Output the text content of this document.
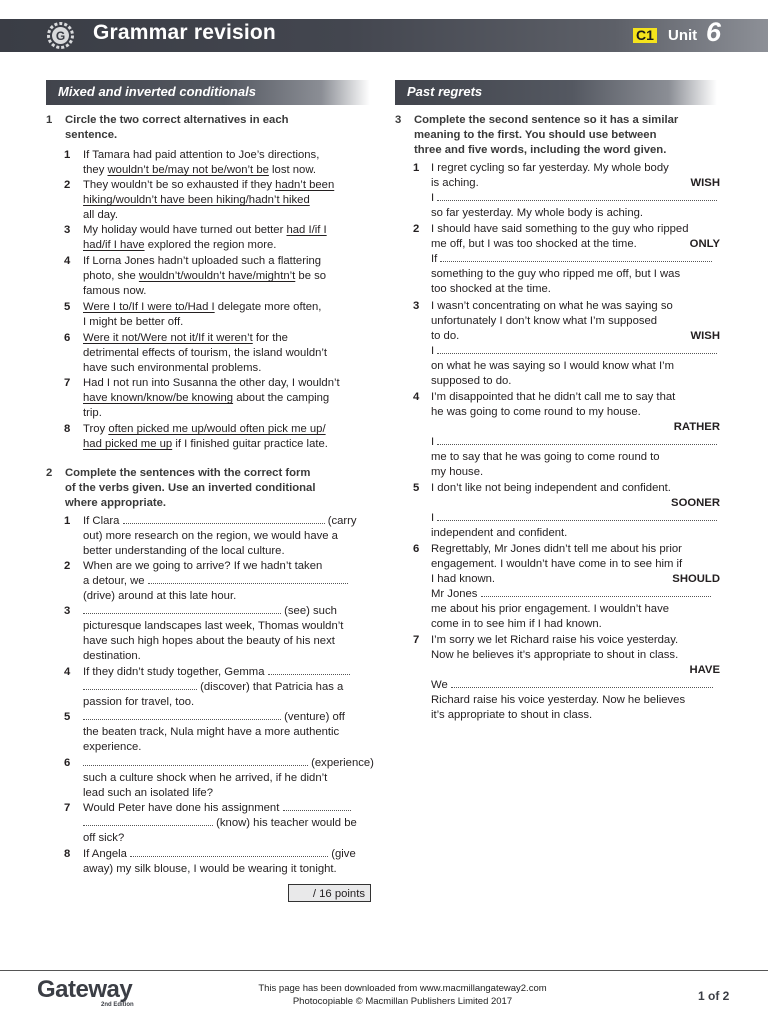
G Grammar revision	C1 Unit 6
Mixed and inverted conditionals
1 Circle the two correct alternatives in each
sentence.
1 If Tamara had paid attention to Joe’s directions,
they wouldn’t be/may not be/won’t be lost now.
2 They wouldn’t be so exhausted if they hadn’t been
hiking/wouldn’t have been hiking/hadn’t hiked
all day.
3 My holiday would have turned out better had I/if I
had/if I have explored the region more.
4 If Lorna Jones hadn’t uploaded such a flattering
photo, she wouldn’t/wouldn’t have/mightn’t be so
famous now.
5 Were I to/If I were to/Had I delegate more often,
I might be better off.
6 Were it not/Were not it/If it weren’t for the
detrimental effects of tourism, the island wouldn’t
have such environmental problems.
7 Had I not run into Susanna the other day, I wouldn’t
have known/know/be knowing about the camping
trip.
8 Troy often picked me up/would often pick me up/
had picked me up if I finished guitar practice late.
2 Complete the sentences with the correct form
of the verbs given. Use an inverted conditional
where appropriate.
1 If Clara	(carry
out) more research on the region, we would have a
better understanding of the local culture.
2 When are we going to arrive? If we hadn’t taken
a detour, we
(drive) around at this late hour.
3	(see) such
picturesque landscapes last week, Thomas wouldn’t
have such high hopes about the beauty of his next
destination.
4 If they didn’t study together, Gemma
(discover) that Patricia has a
passion for travel, too.
5	(venture) off
the beaten track, Nula might have a more authentic
experience.
6	(experience)
such a culture shock when he arrived, if he didn’t
lead such an isolated life?
7 Would Peter have done his assignment
(know) his teacher would be
off sick?
8 If Angela	(give
away) my silk blouse, I would be wearing it tonight.
/ 16 points
Past regrets
3 Complete the second sentence so it has a similar
meaning to the first. You should use between
three and five words, including the word given.
1 I regret cycling so far yesterday. My whole body
is aching.	WISH
I
so far yesterday. My whole body is aching.
2 I should have said something to the guy who ripped
me off, but I was too shocked at the time.	ONLY
If
something to the guy who ripped me off, but I was
too shocked at the time.
3 I wasn’t concentrating on what he was saying so
unfortunately I don’t know what I’m supposed
to do.	WISH
I
on what he was saying so I would know what I’m
supposed to do.
4 I’m disappointed that he didn’t call me to say that
he was going to come round to my house.
RATHER
I
me to say that he was going to come round to
my house.
5 I don’t like not being independent and confident.
SOONER
I
independent and confident.
6 Regrettably, Mr Jones didn’t tell me about his prior
engagement. I wouldn’t have come in to see him if
I had known.	SHOULD
Mr Jones
me about his prior engagement. I wouldn’t have
come in to see him if I had known.
7 I’m sorry we let Richard raise his voice yesterday.
Now he believes it’s appropriate to shout in class.
HAVE
We
Richard raise his voice yesterday. Now he believes
it’s appropriate to shout in class.
Gateway
2nd Edition
This page has been downloaded from www.macmillangateway2.com
Photocopiable © Macmillan Publishers Limited 2017	1 of 2
